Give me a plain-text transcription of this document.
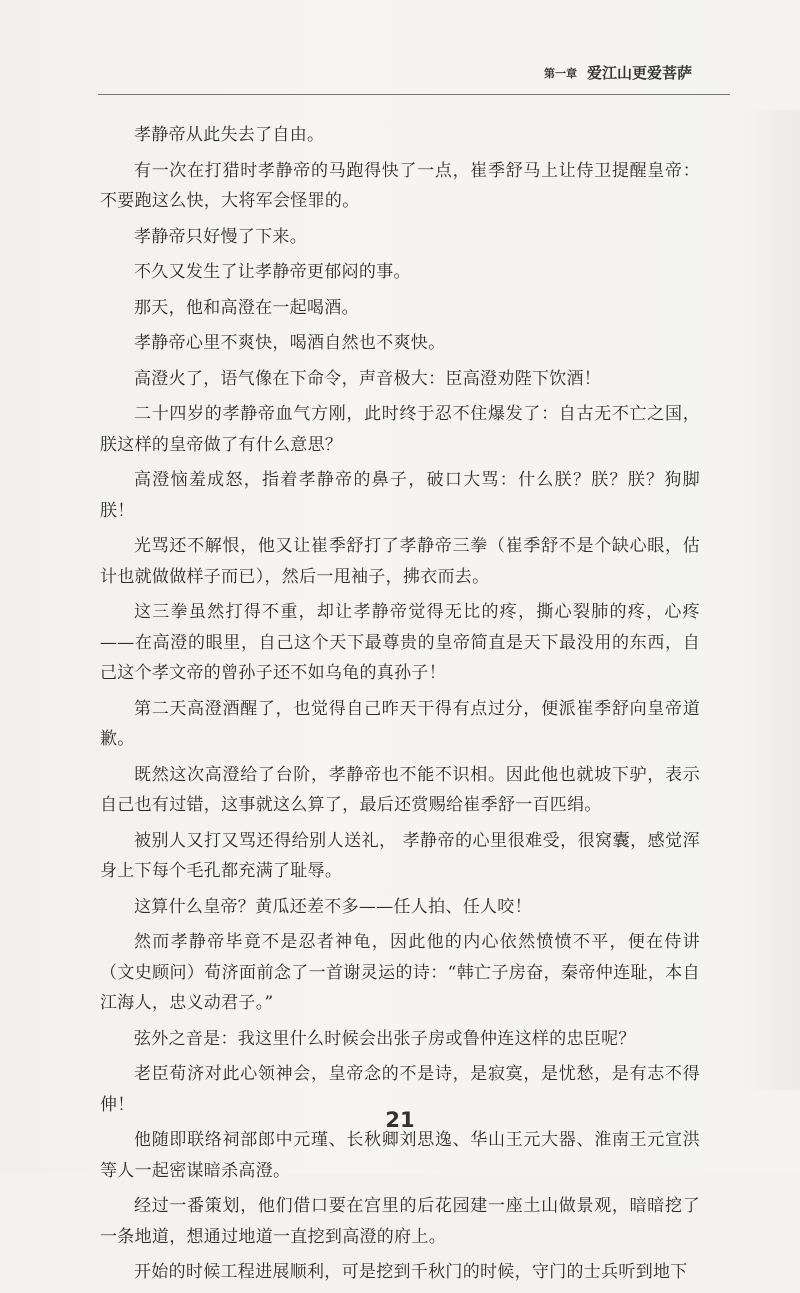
第一章 爱江山更爱菩萨

孝静帝从此失去了自由。

有一次在打猎时孝静帝的马跑得快了一点，崔季舒马上让侍卫提醒皇帝：不要跑这么快，大将军会怪罪的。

孝静帝只好慢了下来。

不久又发生了让孝静帝更郁闷的事。

那天，他和高澄在一起喝酒。

孝静帝心里不爽快，喝酒自然也不爽快。

高澄火了，语气像在下命令，声音极大：臣高澄劝陛下饮酒！

二十四岁的孝静帝血气方刚，此时终于忍不住爆发了：自古无不亡之国，朕这样的皇帝做了有什么意思？

高澄恼羞成怒，指着孝静帝的鼻子，破口大骂：什么朕？朕？朕？狗脚朕！

光骂还不解恨，他又让崔季舒打了孝静帝三拳（崔季舒不是个缺心眼，估计也就做做样子而已），然后一甩袖子，拂衣而去。

这三拳虽然打得不重，却让孝静帝觉得无比的疼，撕心裂肺的疼，心疼——在高澄的眼里，自己这个天下最尊贵的皇帝简直是天下最没用的东西，自己这个孝文帝的曾孙子还不如乌龟的真孙子！

第二天高澄酒醒了，也觉得自己昨天干得有点过分，便派崔季舒向皇帝道歉。

既然这次高澄给了台阶，孝静帝也不能不识相。因此他也就坡下驴，表示自己也有过错，这事就这么算了，最后还赏赐给崔季舒一百匹绢。

被别人又打又骂还得给别人送礼， 孝静帝的心里很难受，很窝囊，感觉浑身上下每个毛孔都充满了耻辱。

这算什么皇帝？黄瓜还差不多——任人拍、任人咬！

然而孝静帝毕竟不是忍者神龟，因此他的内心依然愤愤不平，便在侍讲（文史顾问）荀济面前念了一首谢灵运的诗：“韩亡子房奋，秦帝仲连耻，本自江海人，忠义动君子。”

弦外之音是：我这里什么时候会出张子房或鲁仲连这样的忠臣呢？

老臣荀济对此心领神会，皇帝念的不是诗，是寂寞，是忧愁，是有志不得伸！

他随即联络祠部郎中元瑾、长秋卿刘思逸、华山王元大器、淮南王元宣洪等人一起密谋暗杀高澄。

经过一番策划，他们借口要在宫里的后花园建一座土山做景观，暗暗挖了一条地道，想通过地道一直挖到高澄的府上。

开始的时候工程进展顺利，可是挖到千秋门的时候，守门的士兵听到地下

21
